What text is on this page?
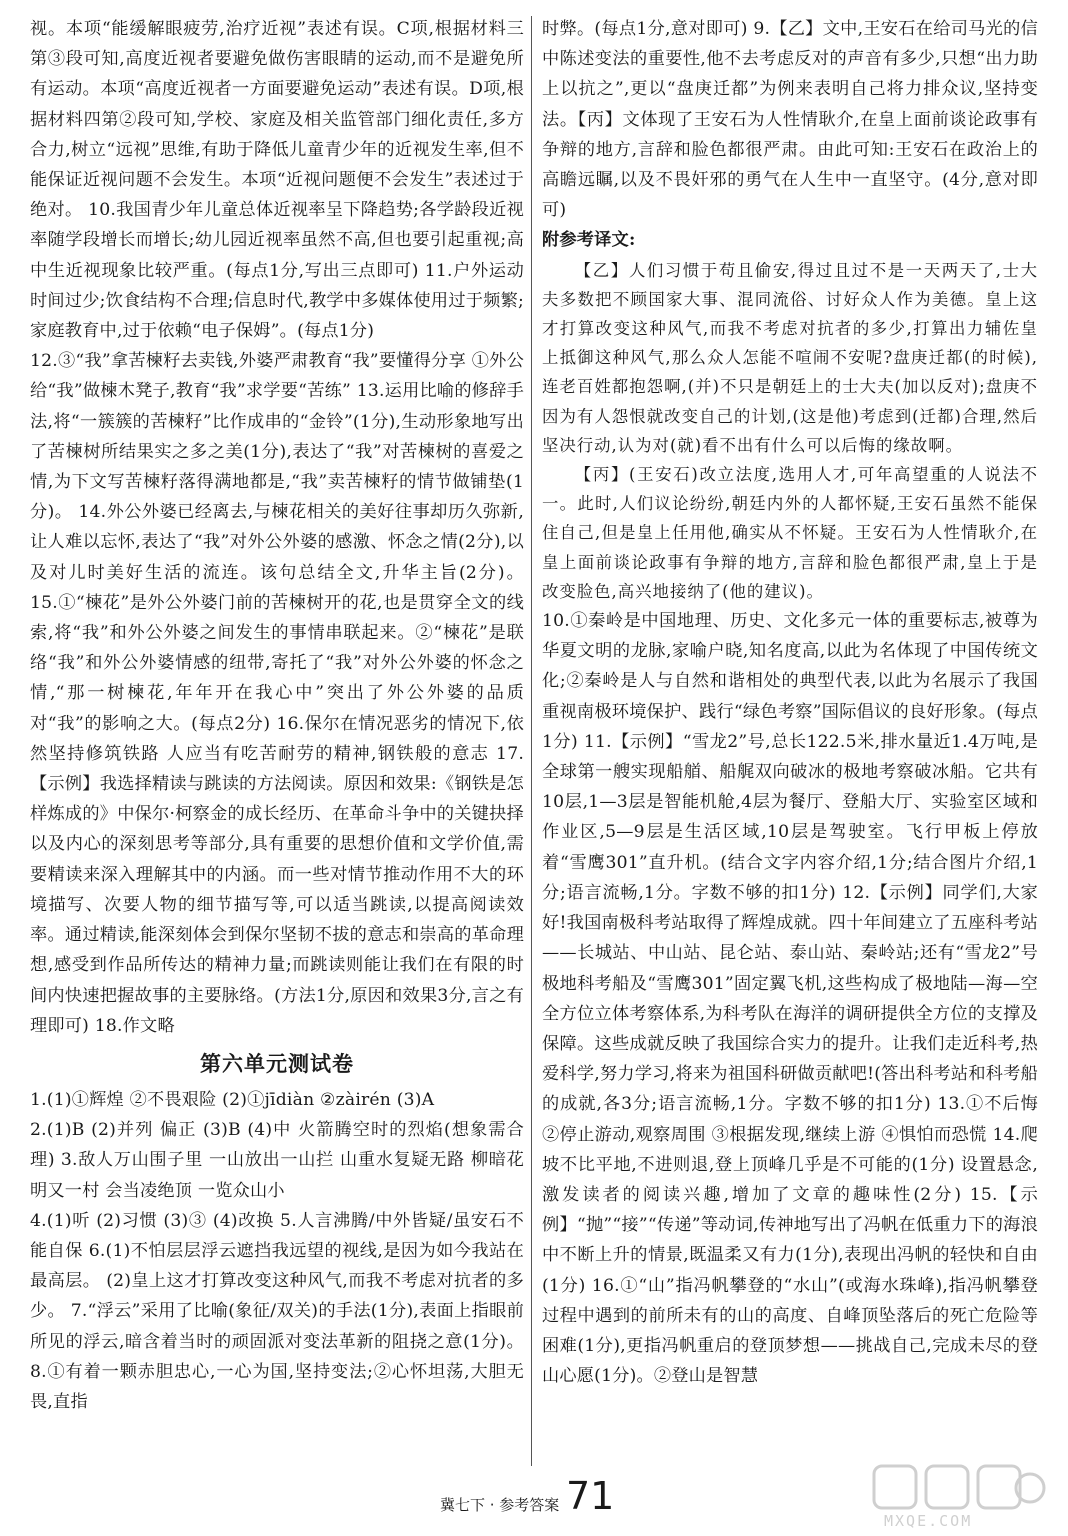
视。本项“能缓解眼疲劳,治疗近视”表述有误。C项,根据材料三第③段可知,高度近视者要避免做伤害眼睛的运动,而不是避免所有运动。本项“高度近视者一方面要避免运动”表述有误。D项,根据材料四第②段可知,学校、家庭及相关监管部门细化责任,多方合力,树立“远视”思维,有助于降低儿童青少年的近视发生率,但不能保证近视问题不会发生。本项“近视问题便不会发生”表述过于绝对。 10.我国青少年儿童总体近视率呈下降趋势;各学龄段近视率随学段增长而增长;幼儿园近视率虽然不高,但也要引起重视;高中生近视现象比较严重。(每点1分,写出三点即可) 11.户外运动时间过少;饮食结构不合理;信息时代,教学中多媒体使用过于频繁;家庭教育中,过于依赖“电子保姆”。(每点1分)

12.③“我”拿苦楝籽去卖钱,外婆严肃教育“我”要懂得分享 ①外公给“我”做楝木凳子,教育“我”求学要“苦练” 13.运用比喻的修辞手法,将“一簇簇的苦楝籽”比作成串的“金铃”(1分),生动形象地写出了苦楝树所结果实之多之美(1分),表达了“我”对苦楝树的喜爱之情,为下文写苦楝籽落得满地都是,“我”卖苦楝籽的情节做铺垫(1分)。 14.外公外婆已经离去,与楝花相关的美好往事却历久弥新,让人难以忘怀,表达了“我”对外公外婆的感激、怀念之情(2分),以及对儿时美好生活的流连。该句总结全文,升华主旨(2分)。 15.①“楝花”是外公外婆门前的苦楝树开的花,也是贯穿全文的线索,将“我”和外公外婆之间发生的事情串联起来。②“楝花”是联络“我”和外公外婆情感的纽带,寄托了“我”对外公外婆的怀念之情,“那一树楝花,年年开在我心中”突出了外公外婆的品质对“我”的影响之大。(每点2分) 16.保尔在情况恶劣的情况下,依然坚持修筑铁路 人应当有吃苦耐劳的精神,钢铁般的意志 17.【示例】我选择精读与跳读的方法阅读。原因和效果:《钢铁是怎样炼成的》中保尔·柯察金的成长经历、在革命斗争中的关键抉择以及内心的深刻思考等部分,具有重要的思想价值和文学价值,需要精读来深入理解其中的内涵。而一些对情节推动作用不大的环境描写、次要人物的细节描写等,可以适当跳读,以提高阅读效率。通过精读,能深刻体会到保尔坚韧不拔的意志和崇高的革命理想,感受到作品所传达的精神力量;而跳读则能让我们在有限的时间内快速把握故事的主要脉络。(方法1分,原因和效果3分,言之有理即可) 18.作文略

第六单元测试卷

1.(1)①辉煌 ②不畏艰险 (2)①jīdiàn ②zàirén (3)A

2.(1)B (2)并列 偏正 (3)B (4)中 火箭腾空时的烈焰(想象需合理) 3.敌人万山围子里 一山放出一山拦 山重水复疑无路 柳暗花明又一村 会当凌绝顶 一览众山小

4.(1)听 (2)习惯 (3)③ (4)改换 5.人言沸腾/中外皆疑/虽安石不能自保 6.(1)不怕层层浮云遮挡我远望的视线,是因为如今我站在最高层。 (2)皇上这才打算改变这种风气,而我不考虑对抗者的多少。 7.“浮云”采用了比喻(象征/双关)的手法(1分),表面上指眼前所见的浮云,暗含着当时的顽固派对变法革新的阻挠之意(1分)。 8.①有着一颗赤胆忠心,一心为国,坚持变法;②心怀坦荡,大胆无畏,直指

时弊。(每点1分,意对即可) 9.【乙】文中,王安石在给司马光的信中陈述变法的重要性,他不去考虑反对的声音有多少,只想“出力助上以抗之”,更以“盘庚迁都”为例来表明自己将力排众议,坚持变法。【丙】文体现了王安石为人性情耿介,在皇上面前谈论政事有争辩的地方,言辞和脸色都很严肃。由此可知:王安石在政治上的高瞻远瞩,以及不畏奸邪的勇气在人生中一直坚守。(4分,意对即可)

附参考译文:

【乙】人们习惯于苟且偷安,得过且过不是一天两天了,士大夫多数把不顾国家大事、混同流俗、讨好众人作为美德。皇上这才打算改变这种风气,而我不考虑对抗者的多少,打算出力辅佐皇上抵御这种风气,那么众人怎能不喧闹不安呢?盘庚迁都(的时候),连老百姓都抱怨啊,(并)不只是朝廷上的士大夫(加以反对);盘庚不因为有人怨恨就改变自己的计划,(这是他)考虑到(迁都)合理,然后坚决行动,认为对(就)看不出有什么可以后悔的缘故啊。

【丙】(王安石)改立法度,选用人才,可年高望重的人说法不一。此时,人们议论纷纷,朝廷内外的人都怀疑,王安石虽然不能保住自己,但是皇上任用他,确实从不怀疑。王安石为人性情耿介,在皇上面前谈论政事有争辩的地方,言辞和脸色都很严肃,皇上于是改变脸色,高兴地接纳了(他的建议)。

10.①秦岭是中国地理、历史、文化多元一体的重要标志,被尊为华夏文明的龙脉,家喻户晓,知名度高,以此为名体现了中国传统文化;②秦岭是人与自然和谐相处的典型代表,以此为名展示了我国重视南极环境保护、践行“绿色考察”国际倡议的良好形象。(每点1分) 11.【示例】“雪龙2”号,总长122.5米,排水量近1.4万吨,是全球第一艘实现船艏、船艉双向破冰的极地考察破冰船。它共有10层,1—3层是智能机舱,4层为餐厅、登船大厅、实验室区域和作业区,5—9层是生活区域,10层是驾驶室。飞行甲板上停放着“雪鹰301”直升机。(结合文字内容介绍,1分;结合图片介绍,1分;语言流畅,1分。字数不够的扣1分) 12.【示例】同学们,大家好!我国南极科考站取得了辉煌成就。四十年间建立了五座科考站——长城站、中山站、昆仑站、泰山站、秦岭站;还有“雪龙2”号极地科考船及“雪鹰301”固定翼飞机,这些构成了极地陆—海—空全方位立体考察体系,为科考队在海洋的调研提供全方位的支撑及保障。这些成就反映了我国综合实力的提升。让我们走近科考,热爱科学,努力学习,将来为祖国科研做贡献吧!(答出科考站和科考船的成就,各3分;语言流畅,1分。字数不够的扣1分) 13.①不后悔 ②停止游动,观察周围 ③根据发现,继续上游 ④惧怕而恐慌 14.爬坡不比平地,不进则退,登上顶峰几乎是不可能的(1分) 设置悬念,激发读者的阅读兴趣,增加了文章的趣味性(2分) 15.【示例】“抛”“接”“传递”等动词,传神地写出了冯帆在低重力下的海浪中不断上升的情景,既温柔又有力(1分),表现出冯帆的轻快和自由(1分) 16.①“山”指冯帆攀登的“水山”(或海水珠峰),指冯帆攀登过程中遇到的前所未有的山的高度、自峰顶坠落后的死亡危险等困难(1分),更指冯帆重启的登顶梦想——挑战自己,完成未尽的登山心愿(1分)。②登山是智慧

冀七下 · 参考答案 71
MXQE.COM
